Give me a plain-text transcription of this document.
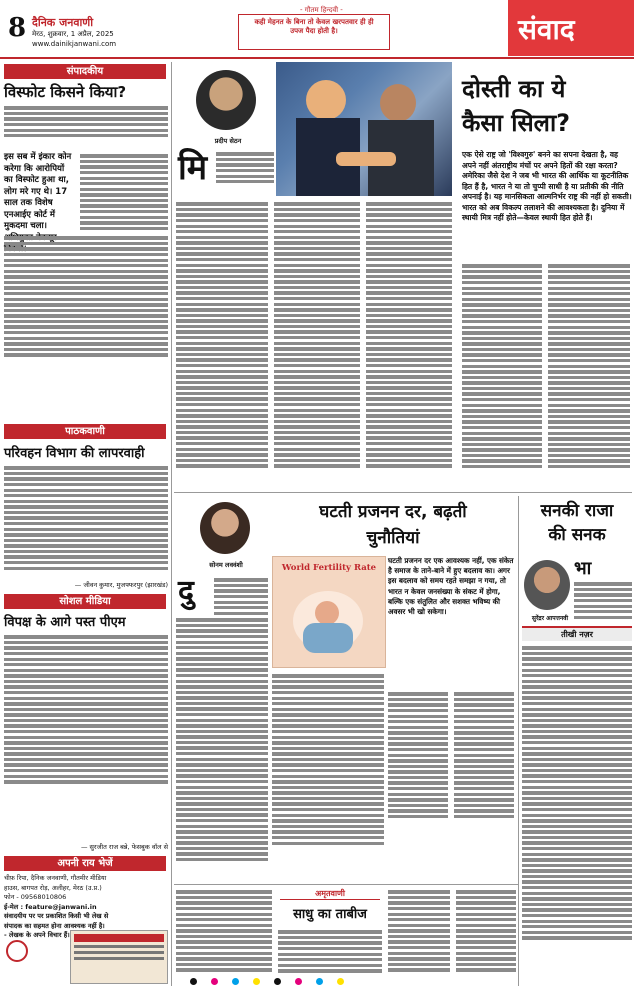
8 दैनिक जनवाणी
मेरठ, शुक्रवार, 1 अप्रैल, 2025
www.dainikjanwani.com
कही मेहनत के बिना तो केवल खरपतवार ही ही
उपज पैदा होती है।
- गौतम हिन्दवी -
संवाद
संपादकीय
विस्फोट किसने किया?
इस सब में इंकार कोन करेगा कि आरोपियों का विस्फोट हुआ था, लोग मरे गए थे। 17 साल तक विशेष एनआईए कोर्ट में मुकदमा चला।
पाठकवाणी
परिवहन विभाग की लापरवाही
— जीवन कुमार, मुजफ्फरपुर (झारखंड)
सोशल मीडिया
विपक्ष के आगे पस्त पीएम
— सुरजीत राज बन्ने, फेसबुक वॉल से
अपनी राय भेजें
चीफ़ रिपा, दैनिक जनवाणी, गौतमीर मीडिया
हाउस, बागपत रोड़, अलीहर, मेरठ (उ.प्र.)
फोन - 09568010806
ई-मेल : feature@janwani.in
संवादयीय पर पर प्रकाशित किसी भी लेख से
संपादक का सहमत होना आवश्यक नहीं है।
- लेखक के अपने विचार हैं।
प्रदीप सेठन
मि
दोस्ती का ये
कैसा सिला?
एक ऐसे राष्ट्र जो 'विश्वगुरु' बनने का सपना देखता है, वह अपने नहीं अंतराष्ट्रीय मंचों पर अपने हितों की रक्षा करता? अमेरिका जैसे देश ने जब भी भारत की आर्थिक या कूटनीतिक हित हैं है, भारत ने या तो चुप्पी साधी है या प्रतीकी की नीति अपनाई है। यह मानसिकता आत्मनिर्भर राष्ट्र की नहीं हो सकती। भारत को अब विकल्प तलाशने की आवश्यकता है। दुनिया में स्थायी मित्र नहीं होते—केवल स्थायी हित होते हैं।
सोनम लववंशी
घटती प्रजनन दर, बढ़ती
चुनौतियां
दु
World Fertility Rate
घटती प्रजनन दर एक आवश्यक नहीं, एक संकेत है समाज के ताने-बाने में हुए बदलाव का। अगर इस बदलाव को समय रहते समझा न गया, तो भारत न केवल जनसंख्या के संकट में होगा, बल्कि एक संतुलित और सशक्त भविष्य की अवसर भी खो सकेगा।
सनकी राजा
की सनक
सुरेंद्रर आपत्तनवी
भा
तीखी नज़र
अमृतवाणी
साधु का ताबीज
